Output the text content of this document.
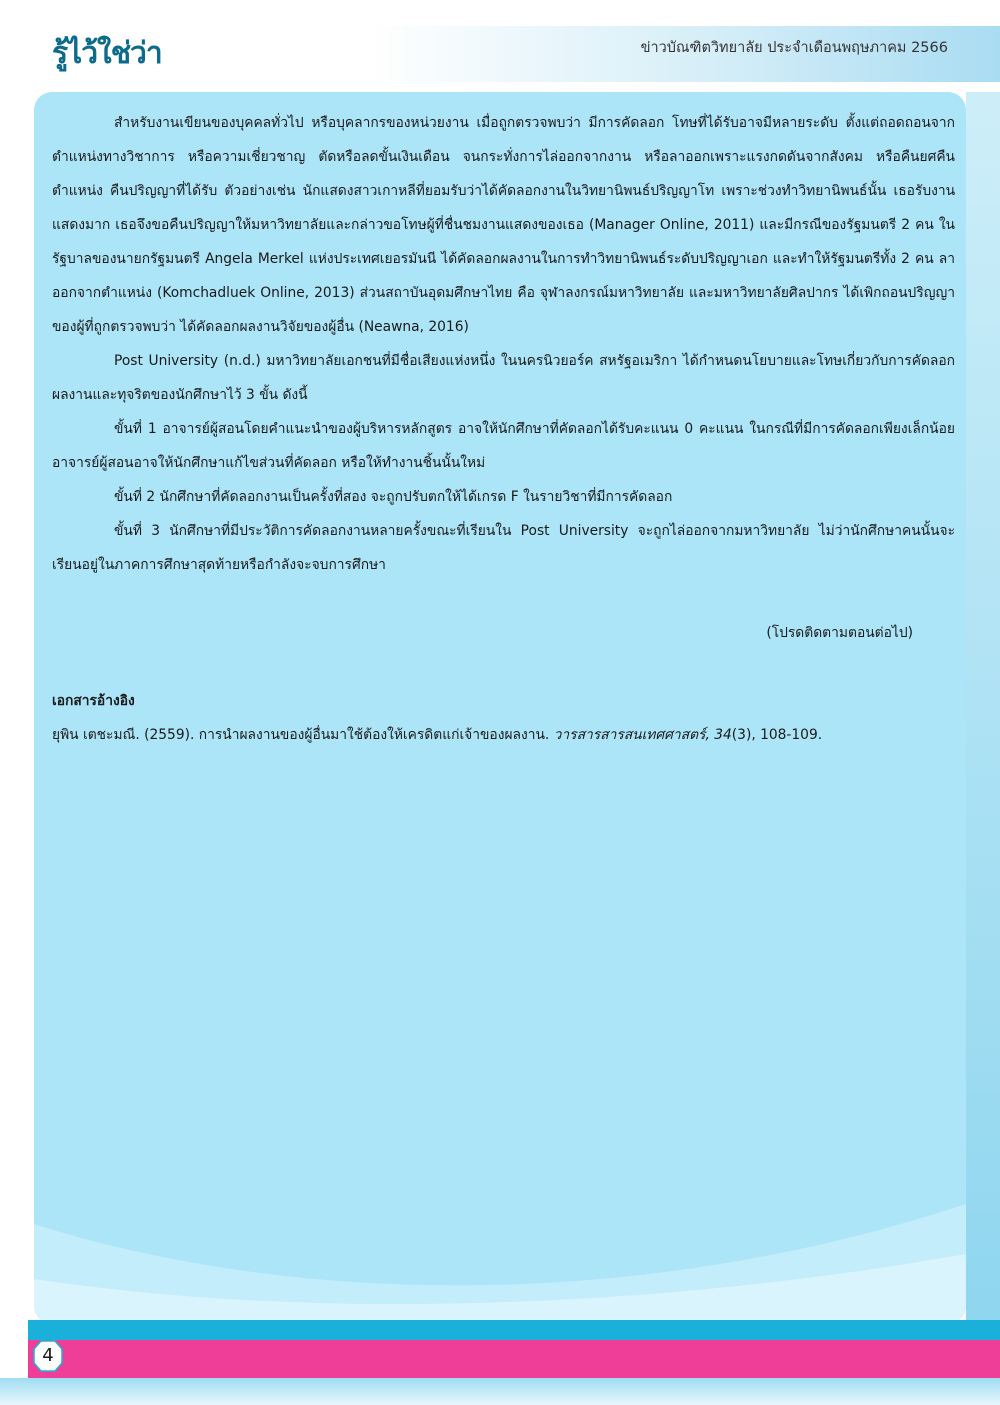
รู้ไว้ใช่ว่า	ข่าวบัณฑิตวิทยาลัย ประจำเดือนพฤษภาคม 2566

สำหรับงานเขียนของบุคคลทั่วไป หรือบุคลากรของหน่วยงาน เมื่อถูกตรวจพบว่า มีการคัดลอก โทษที่ได้รับอาจมีหลายระดับ ตั้งแต่ถอดถอนจากตำแหน่งทางวิชาการ หรือความเชี่ยวชาญ ตัดหรือลดขั้นเงินเดือน จนกระทั่งการไล่ออกจากงาน หรือลาออกเพราะแรงกดดันจากสังคม หรือคืนยศคืนตำแหน่ง คืนปริญญาที่ได้รับ ตัวอย่างเช่น นักแสดงสาวเกาหลีที่ยอมรับว่าได้คัดลอกงานในวิทยานิพนธ์ปริญญาโท เพราะช่วงทำวิทยานิพนธ์นั้น เธอรับงานแสดงมาก เธอจึงขอคืนปริญญาให้มหาวิทยาลัยและกล่าวขอโทษผู้ที่ชื่นชมงานแสดงของเธอ (Manager Online, 2011) และมีกรณีของรัฐมนตรี 2 คน ในรัฐบาลของนายกรัฐมนตรี Angela Merkel แห่งประเทศเยอรมันนี ได้คัดลอกผลงานในการทำวิทยานิพนธ์ระดับปริญญาเอก และทำให้รัฐมนตรีทั้ง 2 คน ลาออกจากตำแหน่ง (Komchadluek Online, 2013) ส่วนสถาบันอุดมศึกษาไทย คือ จุฬาลงกรณ์มหาวิทยาลัย และมหาวิทยาลัยศิลปากร ได้เพิกถอนปริญญาของผู้ที่ถูกตรวจพบว่า ได้คัดลอกผลงานวิจัยของผู้อื่น (Neawna, 2016)

Post University (n.d.) มหาวิทยาลัยเอกชนที่มีชื่อเสียงแห่งหนึ่ง ในนครนิวยอร์ค สหรัฐอเมริกา ได้กำหนดนโยบายและโทษเกี่ยวกับการคัดลอกผลงานและทุจริตของนักศึกษาไว้ 3 ขั้น ดังนี้

ขั้นที่ 1 อาจารย์ผู้สอนโดยคำแนะนำของผู้บริหารหลักสูตร อาจให้นักศึกษาที่คัดลอกได้รับคะแนน 0 คะแนน ในกรณีที่มีการคัดลอกเพียงเล็กน้อย อาจารย์ผู้สอนอาจให้นักศึกษาแก้ไขส่วนที่คัดลอก หรือให้ทำงานชิ้นนั้นใหม่

ขั้นที่ 2 นักศึกษาที่คัดลอกงานเป็นครั้งที่สอง จะถูกปรับตกให้ได้เกรด F ในรายวิชาที่มีการคัดลอก

ขั้นที่ 3 นักศึกษาที่มีประวัติการคัดลอกงานหลายครั้งขณะที่เรียนใน Post University จะถูกไล่ออกจากมหาวิทยาลัย ไม่ว่านักศึกษาคนนั้นจะเรียนอยู่ในภาคการศึกษาสุดท้ายหรือกำลังจะจบการศึกษา

(โปรดติดตามตอนต่อไป)
เอกสารอ้างอิง
ยุพิน เตชะมณี. (2559). การนำผลงานของผู้อื่นมาใช้ต้องให้เครดิตแก่เจ้าของผลงาน. วารสารสารสนเทศศาสตร์, 34(3), 108-109.
4
